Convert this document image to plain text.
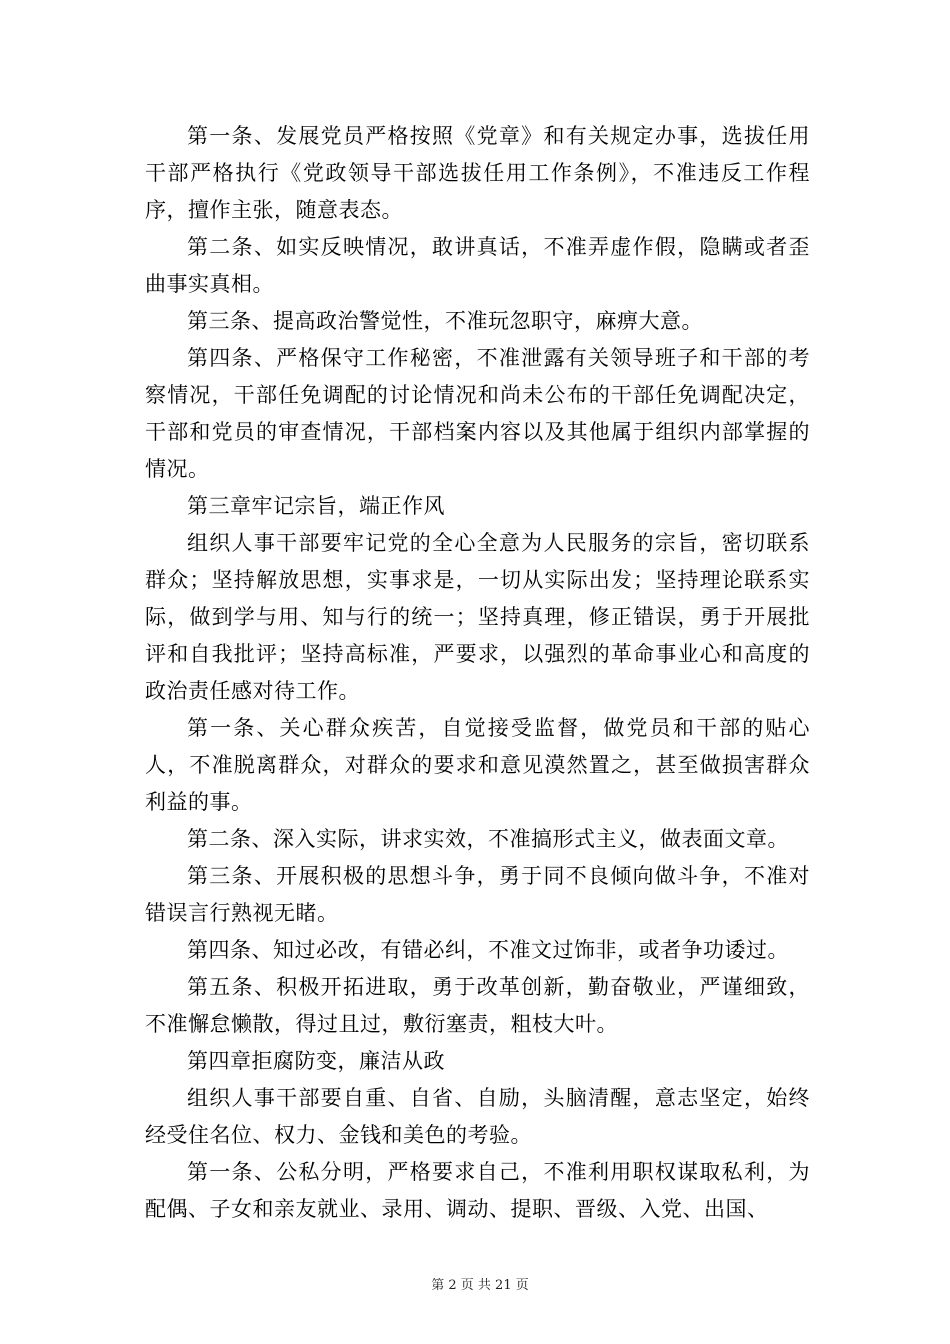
第一条、发展党员严格按照《党章》和有关规定办事，选拔任用干部严格执行《党政领导干部选拔任用工作条例》，不准违反工作程序，擅作主张，随意表态。

第二条、如实反映情况，敢讲真话，不准弄虚作假，隐瞒或者歪曲事实真相。

第三条、提高政治警觉性，不准玩忽职守，麻痹大意。

第四条、严格保守工作秘密，不准泄露有关领导班子和干部的考察情况，干部任免调配的讨论情况和尚未公布的干部任免调配决定，干部和党员的审查情况，干部档案内容以及其他属于组织内部掌握的情况。

第三章牢记宗旨，端正作风

组织人事干部要牢记党的全心全意为人民服务的宗旨，密切联系群众；坚持解放思想，实事求是，一切从实际出发；坚持理论联系实际，做到学与用、知与行的统一；坚持真理，修正错误，勇于开展批评和自我批评；坚持高标准，严要求，以强烈的革命事业心和高度的政治责任感对待工作。

第一条、关心群众疾苦，自觉接受监督，做党员和干部的贴心人，不准脱离群众，对群众的要求和意见漠然置之，甚至做损害群众利益的事。

第二条、深入实际，讲求实效，不准搞形式主义，做表面文章。

第三条、开展积极的思想斗争，勇于同不良倾向做斗争，不准对错误言行熟视无睹。

第四条、知过必改，有错必纠，不准文过饰非，或者争功诿过。

第五条、积极开拓进取，勇于改革创新，勤奋敬业，严谨细致，不准懈怠懒散，得过且过，敷衍塞责，粗枝大叶。

第四章拒腐防变，廉洁从政

组织人事干部要自重、自省、自励，头脑清醒，意志坚定，始终经受住名位、权力、金钱和美色的考验。

第一条、公私分明，严格要求自己，不准利用职权谋取私利，为配偶、子女和亲友就业、录用、调动、提职、晋级、入党、出国、

第 2 页 共 21 页
